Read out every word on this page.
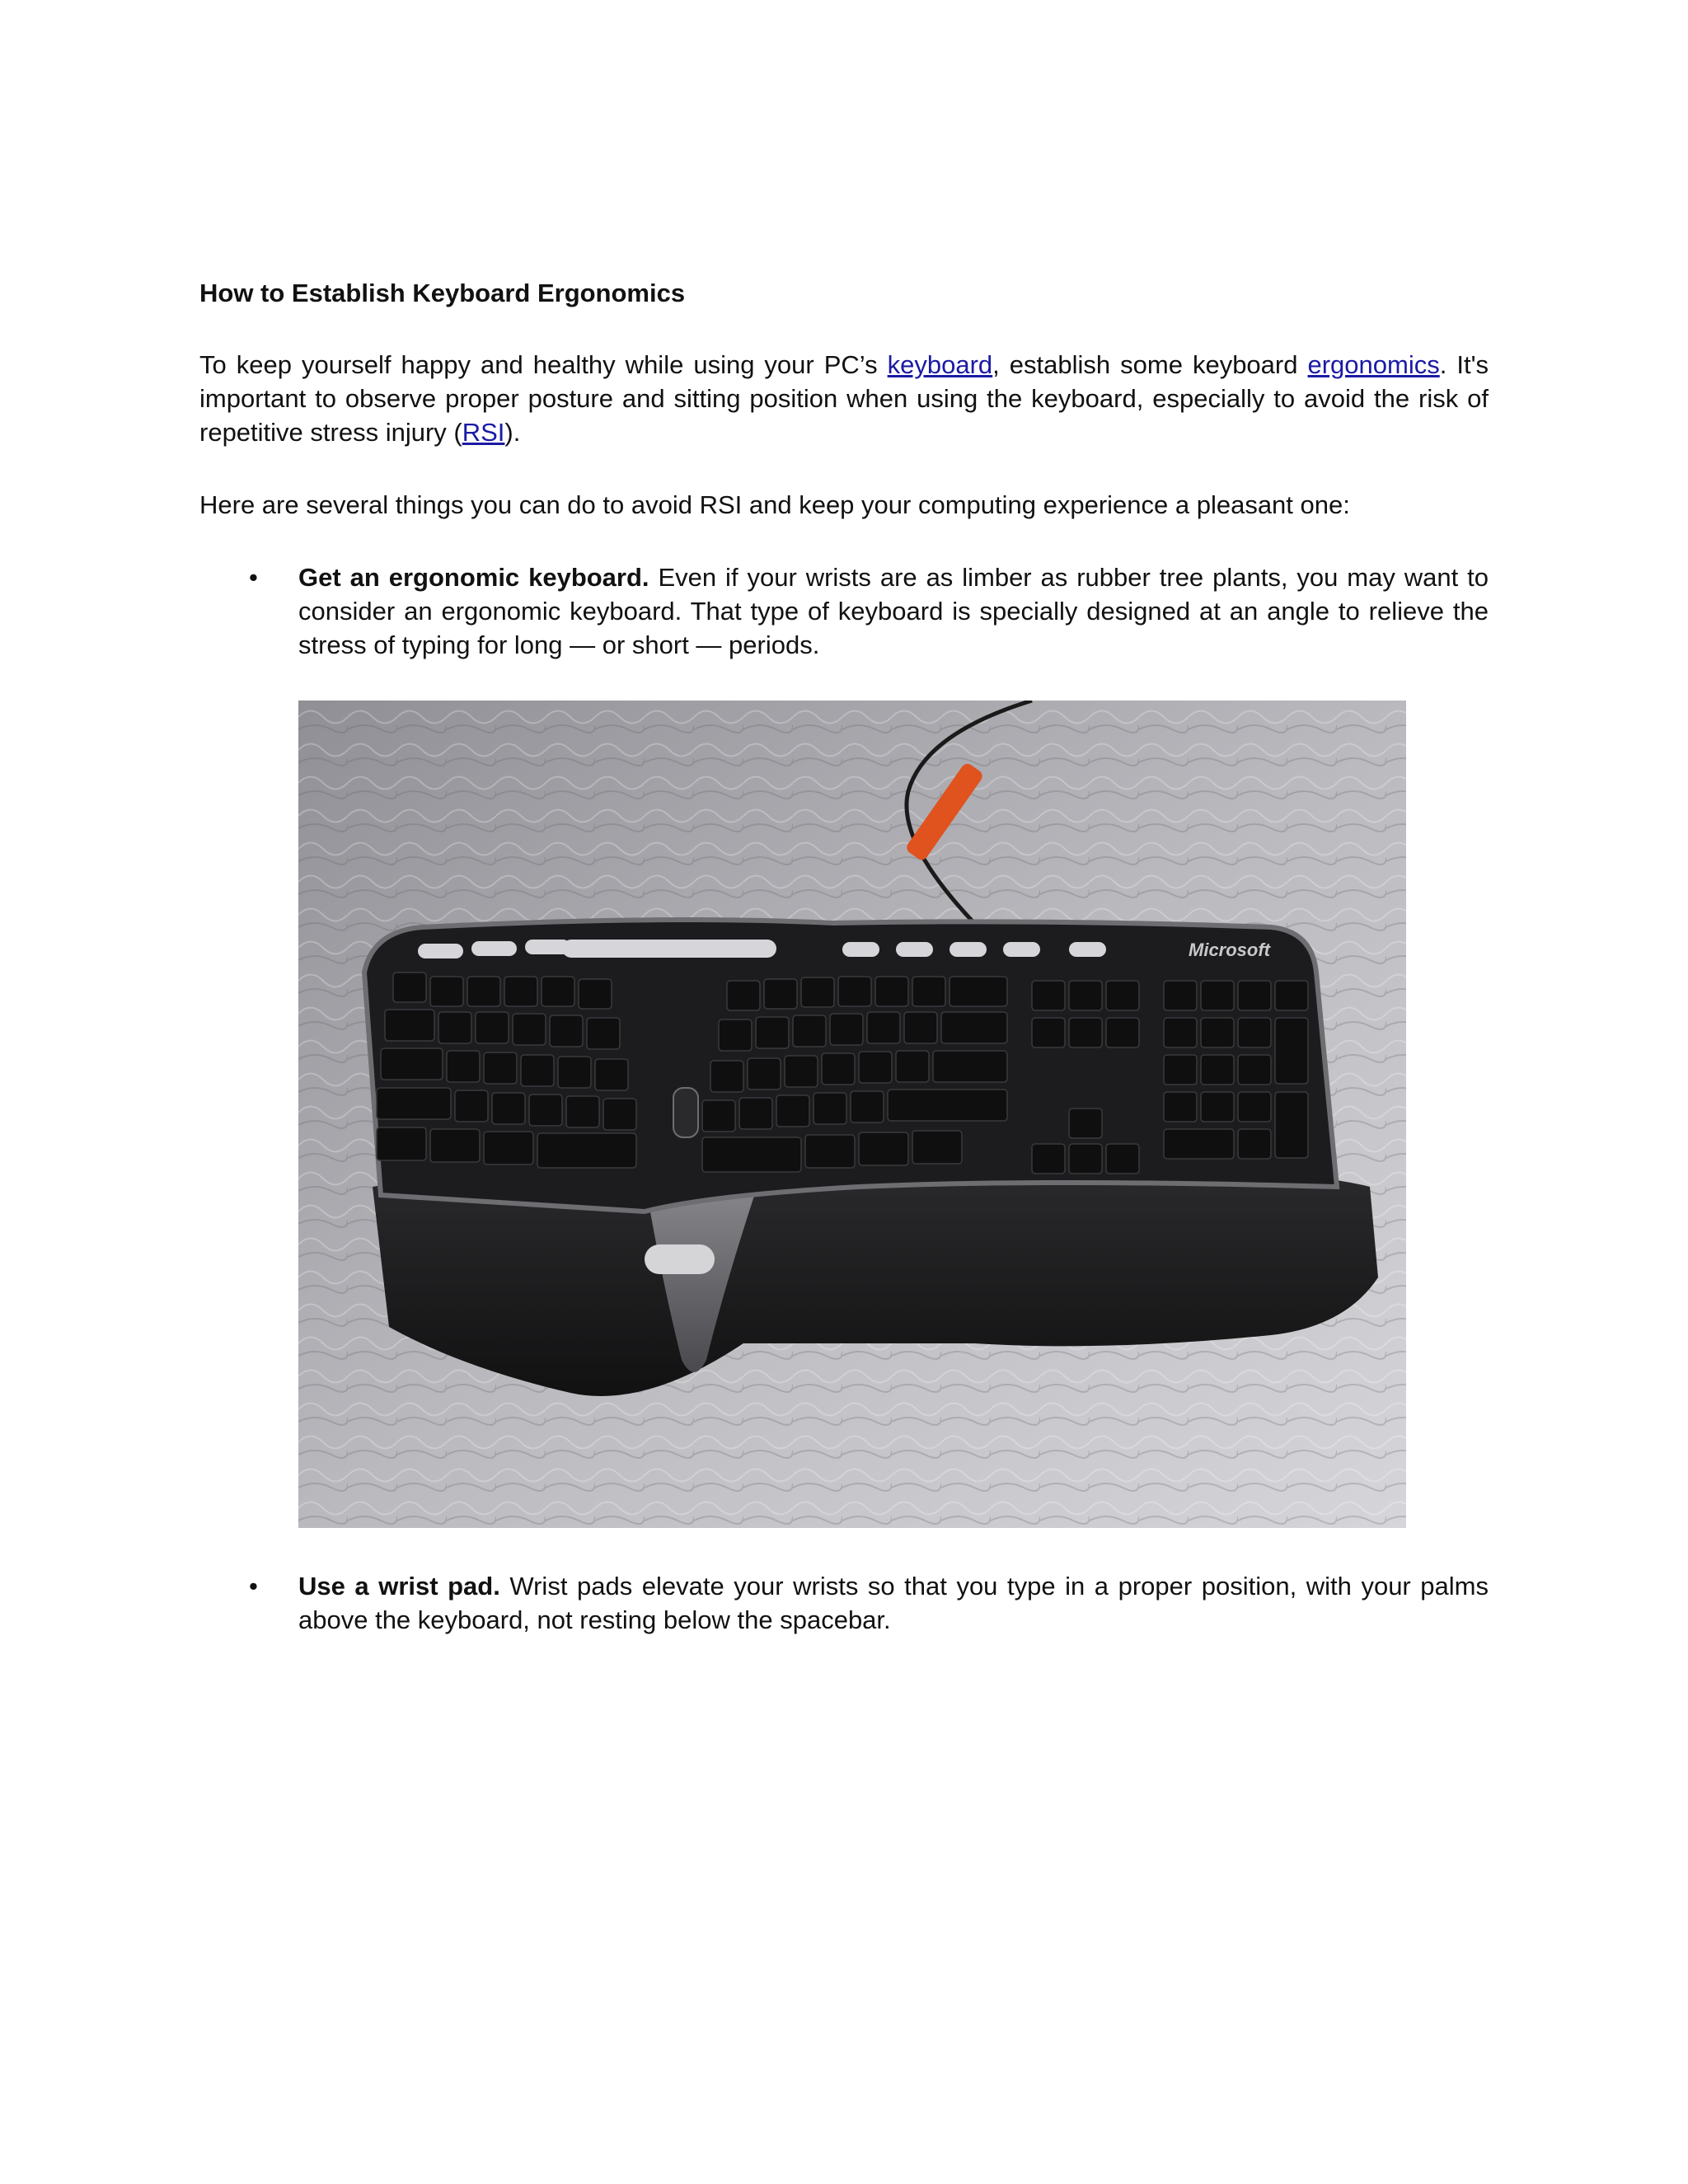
How to Establish Keyboard Ergonomics

To keep yourself happy and healthy while using your PC’s keyboard, establish some keyboard ergonomics. It's important to observe proper posture and sitting position when using the keyboard, especially to avoid the risk of repetitive stress injury (RSI).

Here are several things you can do to avoid RSI and keep your computing experience a pleasant one:

• Get an ergonomic keyboard. Even if your wrists are as limber as rubber tree plants, you may want to consider an ergonomic keyboard. That type of keyboard is specially designed at an angle to relieve the stress of typing for long — or short — periods.

Microsoft
• Use a wrist pad. Wrist pads elevate your wrists so that you type in a proper position, with your palms above the keyboard, not resting below the spacebar.
